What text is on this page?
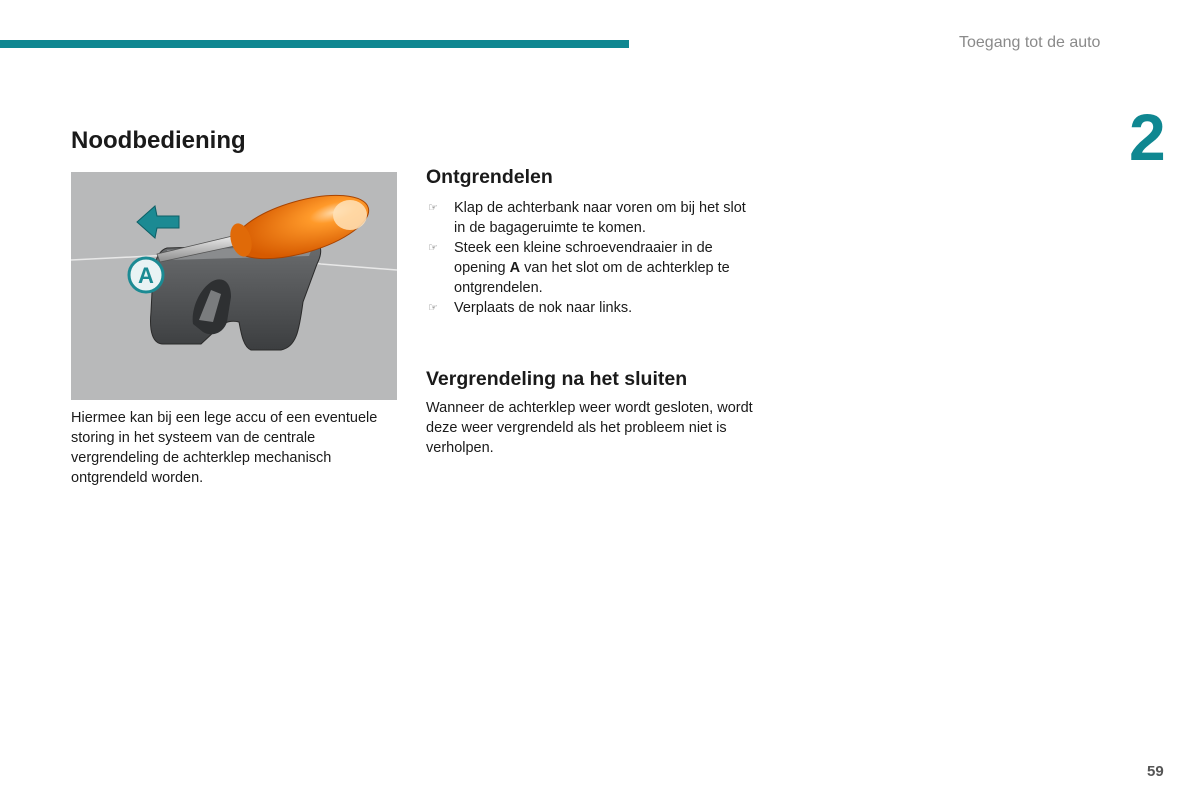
Toegang tot de auto
2
Noodbediening
A

Hiermee kan bij een lege accu of een eventuele storing in het systeem van de centrale vergrendeling de achterklep mechanisch ontgrendeld worden.

Ontgrendelen
☞ Klap de achterbank naar voren om bij het slot in de bagageruimte te komen.
☞ Steek een kleine schroevendraaier in de opening A van het slot om de achterklep te ontgrendelen.
☞ Verplaats de nok naar links.
Vergrendeling na het sluiten

Wanneer de achterklep weer wordt gesloten, wordt deze weer vergrendeld als het probleem niet is verholpen.

59
